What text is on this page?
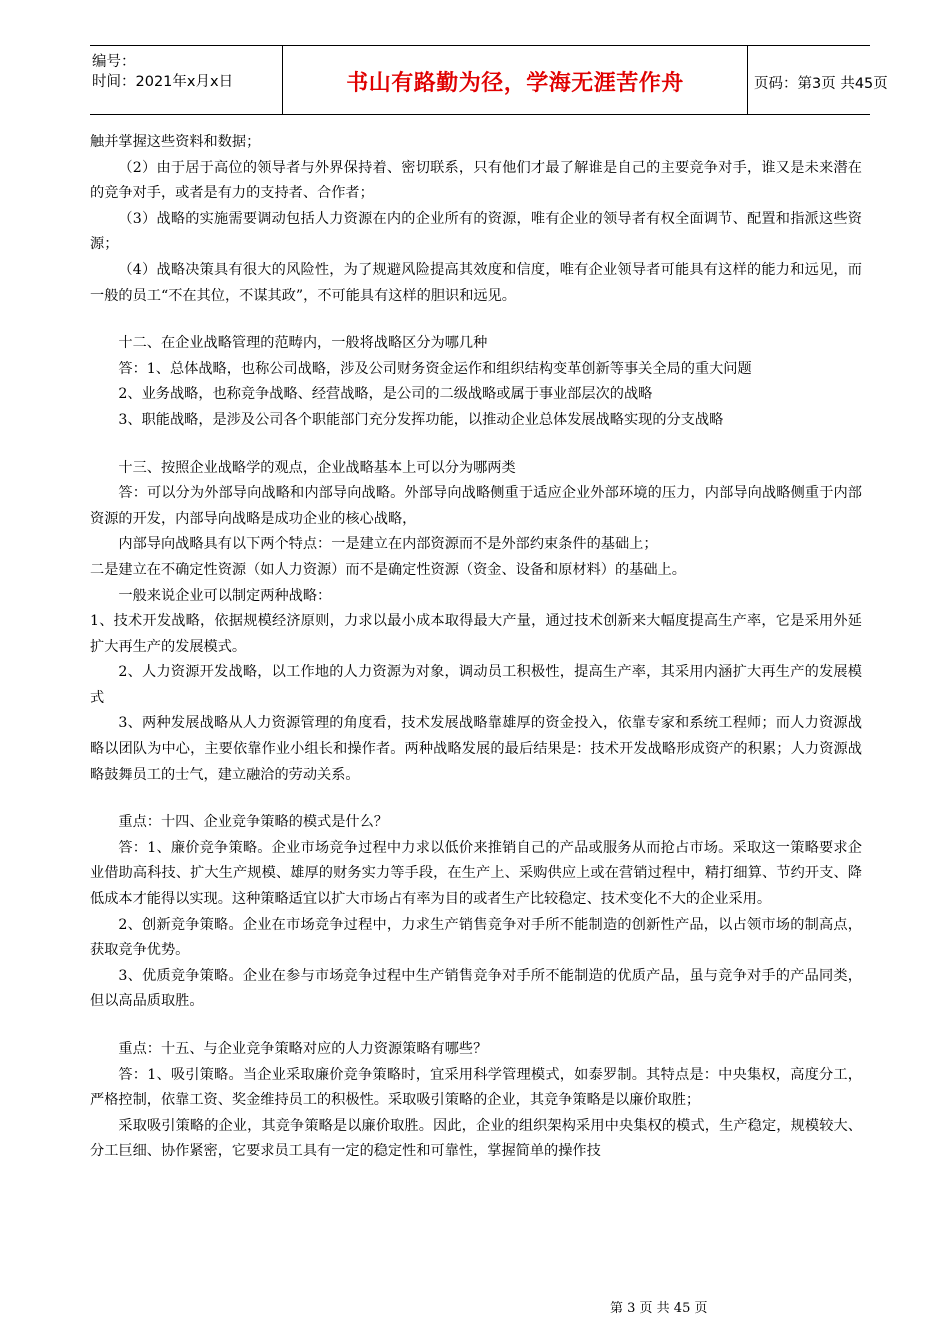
编号：
时间：2021年x月x日	书山有路勤为径，学海无涯苦作舟	页码：第3页 共45页

触并掌握这些资料和数据；

（2）由于居于高位的领导者与外界保持着、密切联系，只有他们才最了解谁是自己的主要竞争对手，谁又是未来潜在的竞争对手，或者是有力的支持者、合作者；

（3）战略的实施需要调动包括人力资源在内的企业所有的资源，唯有企业的领导者有权全面调节、配置和指派这些资源；

（4）战略决策具有很大的风险性，为了规避风险提高其效度和信度，唯有企业领导者可能具有这样的能力和远见，而一般的员工“不在其位，不谋其政”，不可能具有这样的胆识和远见。

十二、在企业战略管理的范畴内，一般将战略区分为哪几种

答：1、总体战略，也称公司战略，涉及公司财务资金运作和组织结构变革创新等事关全局的重大问题

2、业务战略，也称竞争战略、经营战略，是公司的二级战略或属于事业部层次的战略

3、职能战略，是涉及公司各个职能部门充分发挥功能，以推动企业总体发展战略实现的分支战略

十三、按照企业战略学的观点，企业战略基本上可以分为哪两类

答：可以分为外部导向战略和内部导向战略。外部导向战略侧重于适应企业外部环境的压力，内部导向战略侧重于内部资源的开发，内部导向战略是成功企业的核心战略，

内部导向战略具有以下两个特点：一是建立在内部资源而不是外部约束条件的基础上；

二是建立在不确定性资源（如人力资源）而不是确定性资源（资金、设备和原材料）的基础上。

一般来说企业可以制定两种战略：

1、技术开发战略，依据规模经济原则，力求以最小成本取得最大产量，通过技术创新来大幅度提高生产率，它是采用外延扩大再生产的发展模式。

2、人力资源开发战略，以工作地的人力资源为对象，调动员工积极性，提高生产率，其采用内涵扩大再生产的发展模式

3、两种发展战略从人力资源管理的角度看，技术发展战略靠雄厚的资金投入，依靠专家和系统工程师；而人力资源战略以团队为中心，主要依靠作业小组长和操作者。两种战略发展的最后结果是：技术开发战略形成资产的积累；人力资源战略鼓舞员工的士气，建立融洽的劳动关系。

重点：十四、企业竞争策略的模式是什么？

答：1、廉价竞争策略。企业市场竞争过程中力求以低价来推销自己的产品或服务从而抢占市场。采取这一策略要求企业借助高科技、扩大生产规模、雄厚的财务实力等手段，在生产上、采购供应上或在营销过程中，精打细算、节约开支、降低成本才能得以实现。这种策略适宜以扩大市场占有率为目的或者生产比较稳定、技术变化不大的企业采用。

2、创新竞争策略。企业在市场竞争过程中，力求生产销售竞争对手所不能制造的创新性产品，以占领市场的制高点，获取竞争优势。

3、优质竞争策略。企业在参与市场竞争过程中生产销售竞争对手所不能制造的优质产品，虽与竞争对手的产品同类，但以高品质取胜。

重点：十五、与企业竞争策略对应的人力资源策略有哪些？

答：1、吸引策略。当企业采取廉价竞争策略时，宜采用科学管理模式，如泰罗制。其特点是：中央集权，高度分工，严格控制，依靠工资、奖金维持员工的积极性。采取吸引策略的企业，其竞争策略是以廉价取胜；

采取吸引策略的企业，其竞争策略是以廉价取胜。因此，企业的组织架构采用中央集权的模式，生产稳定，规模较大、分工巨细、协作紧密，它要求员工具有一定的稳定性和可靠性，掌握简单的操作技

第 3 页 共 45 页
